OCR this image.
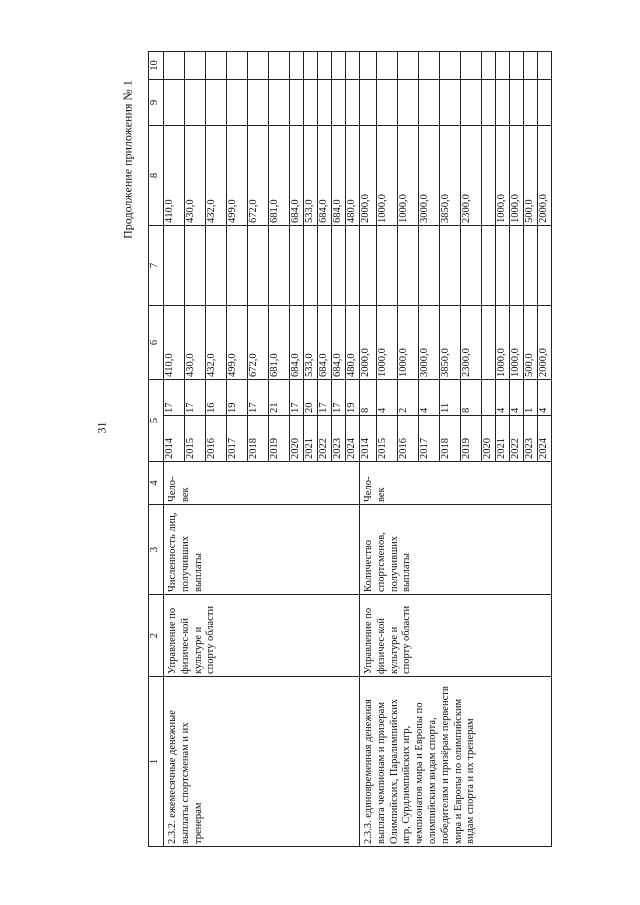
31
Продолжение приложения № 1
1	2	3	4	5		6	7	8	9	10
2.3.2. ежемесячные денежные выплаты спортсменам и их тренерам	Управление по физичес-кой культуре и спорту области	Численность лиц, получивших выплаты	Чело-век	2014	17	410,0		410,0		
				2015	17	430,0		430,0		
				2016	16	432,0		432,0		
				2017	19	499,0		499,0		
				2018	17	672,0		672,0		
				2019	21	681,0		681,0		
				2020	17	684,0		684,0		
				2021	20	533,0		533,0		
				2022	17	684,0		684,0		
				2023	17	684,0		684,0		
				2024	19	480,0		480,0		
2.3.3. единовременная денежная выплата чемпионам и призерам Олимпийских, Паралимпийских игр, Сурдлимпийских игр, чемпионатов мира и Европы по олимпийским видам спорта, победителям и призёрам первенств мира и Европы по олимпийским видам спорта и их тренерам	Управление по физичес-кой культуре и спорту области	Количество спортсменов, получивших выплаты	Чело-век	2014	8	2000,0		2000,0		
				2015	4	1000,0		1000,0		
				2016	2	1000,0		1000,0		
				2017	4	3000,0		3000,0		
				2018	11	3850,0		3850,0		
				2019	8	2300,0		2300,0		
				2020						
				2021	4	1000,0		1000,0		
				2022	4	1000,0		1000,0		
				2023	1	500,0		500,0		
				2024	4	2000,0		2000,0		
